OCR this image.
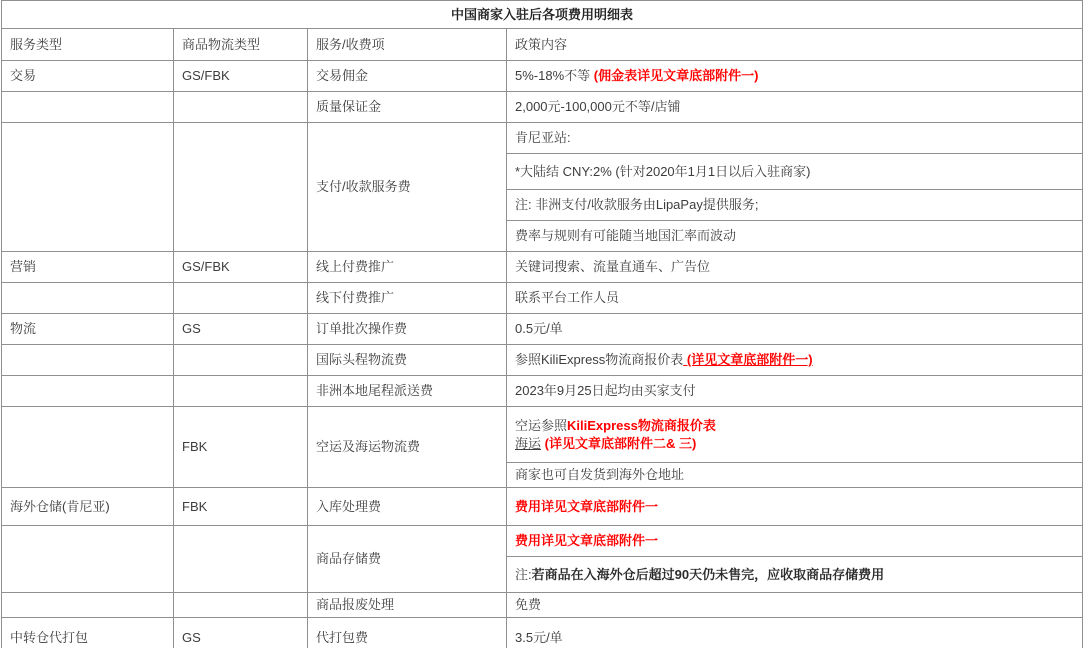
中国商家入驻后各项费用明细表			
服务类型	商品物流类型	服务/收费项	政策内容
交易	GS/FBK	交易佣金	5%-18%不等 (佣金表详见文章底部附件一)
		质量保证金	2,000元-100,000元不等/店铺
		支付/收款服务费	肯尼亚站:
			*大陆结 CNY:2% (针对2020年1月1日以后入驻商家)
			注: 非洲支付/收款服务由LipaPay提供服务;
			费率与规则有可能随当地国汇率而波动
营销	GS/FBK	线上付费推广	关键词搜索、流量直通车、广告位
		线下付费推广	联系平台工作人员
物流	GS	订单批次操作费	0.5元/单
		国际头程物流费	参照KiliExpress物流商报价表 (详见文章底部附件一)
		非洲本地尾程派送费	2023年9月25日起均由买家支付
	FBK	空运及海运物流费	空运参照KiliExpress物流商报价表
海运 (详见文章底部附件二& 三)

			商家也可自发货到海外仓地址
海外仓储(肯尼亚)	FBK	入库处理费	费用详见文章底部附件一
		商品存储费	费用详见文章底部附件一
			注:若商品在入海外仓后超过90天仍未售完，应收取商品存储费用
		商品报废处理	免费
中转仓代打包	GS	代打包费	3.5元/单
